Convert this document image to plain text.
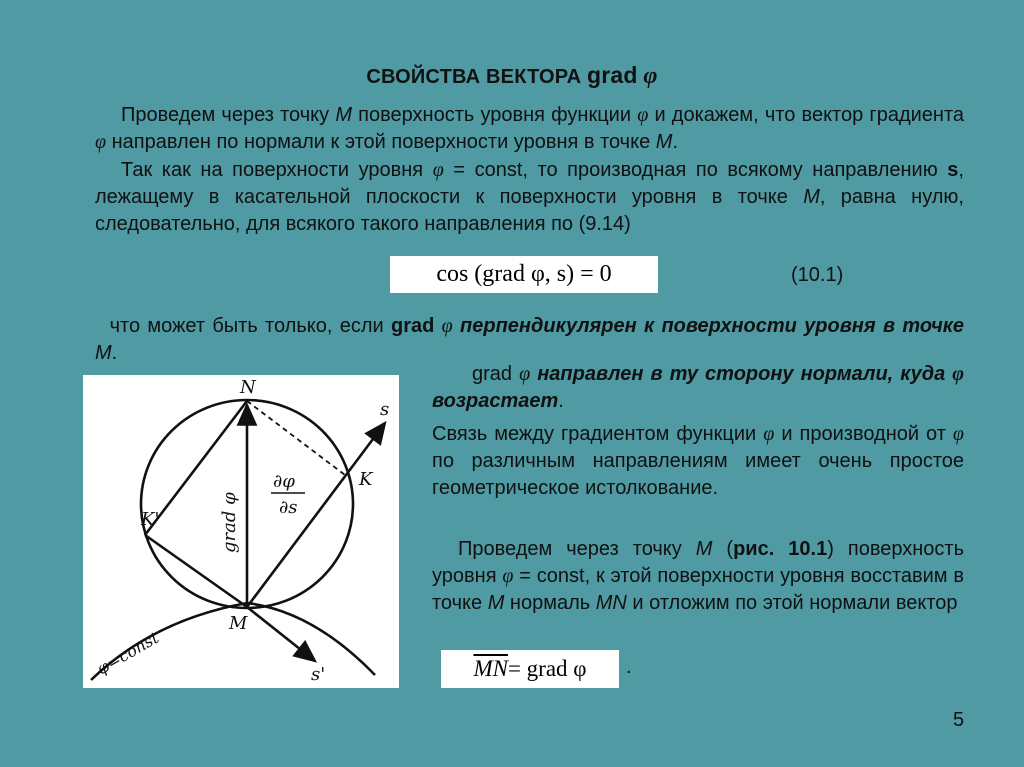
СВОЙСТВА ВЕКТОРА grad φ
Проведем через точку М поверхность уровня функции φ и докажем, что вектор градиента φ направлен по нормали к этой поверхности уровня в точке М.
Так как на поверхности уровня φ = const, то производная по всякому направлению s, лежащему в касательной плоскости к поверхности уровня в точке М, равна нулю, следовательно, для всякого такого направления по (9.14)
cos (grad φ, s) = 0	(10.1)
что может быть только, если grad φ перпендикулярен к поверхности уровня в точке М.
N
s
K
K'
M
s'
∂φ
∂s
grad φ
φ=const
grad φ направлен в ту сторону нормали, куда φ возрастает.
Связь между градиентом функции φ и производной от φ по различным направлениям имеет очень простое геометрическое истолкование.
Проведем через точку М (рис. 10.1) поверхность уровня φ = const, к этой поверхности уровня восставим в точке М нормаль MN и отложим по этой нормали вектор
$\overline{MN}$ = grad φ .
5
